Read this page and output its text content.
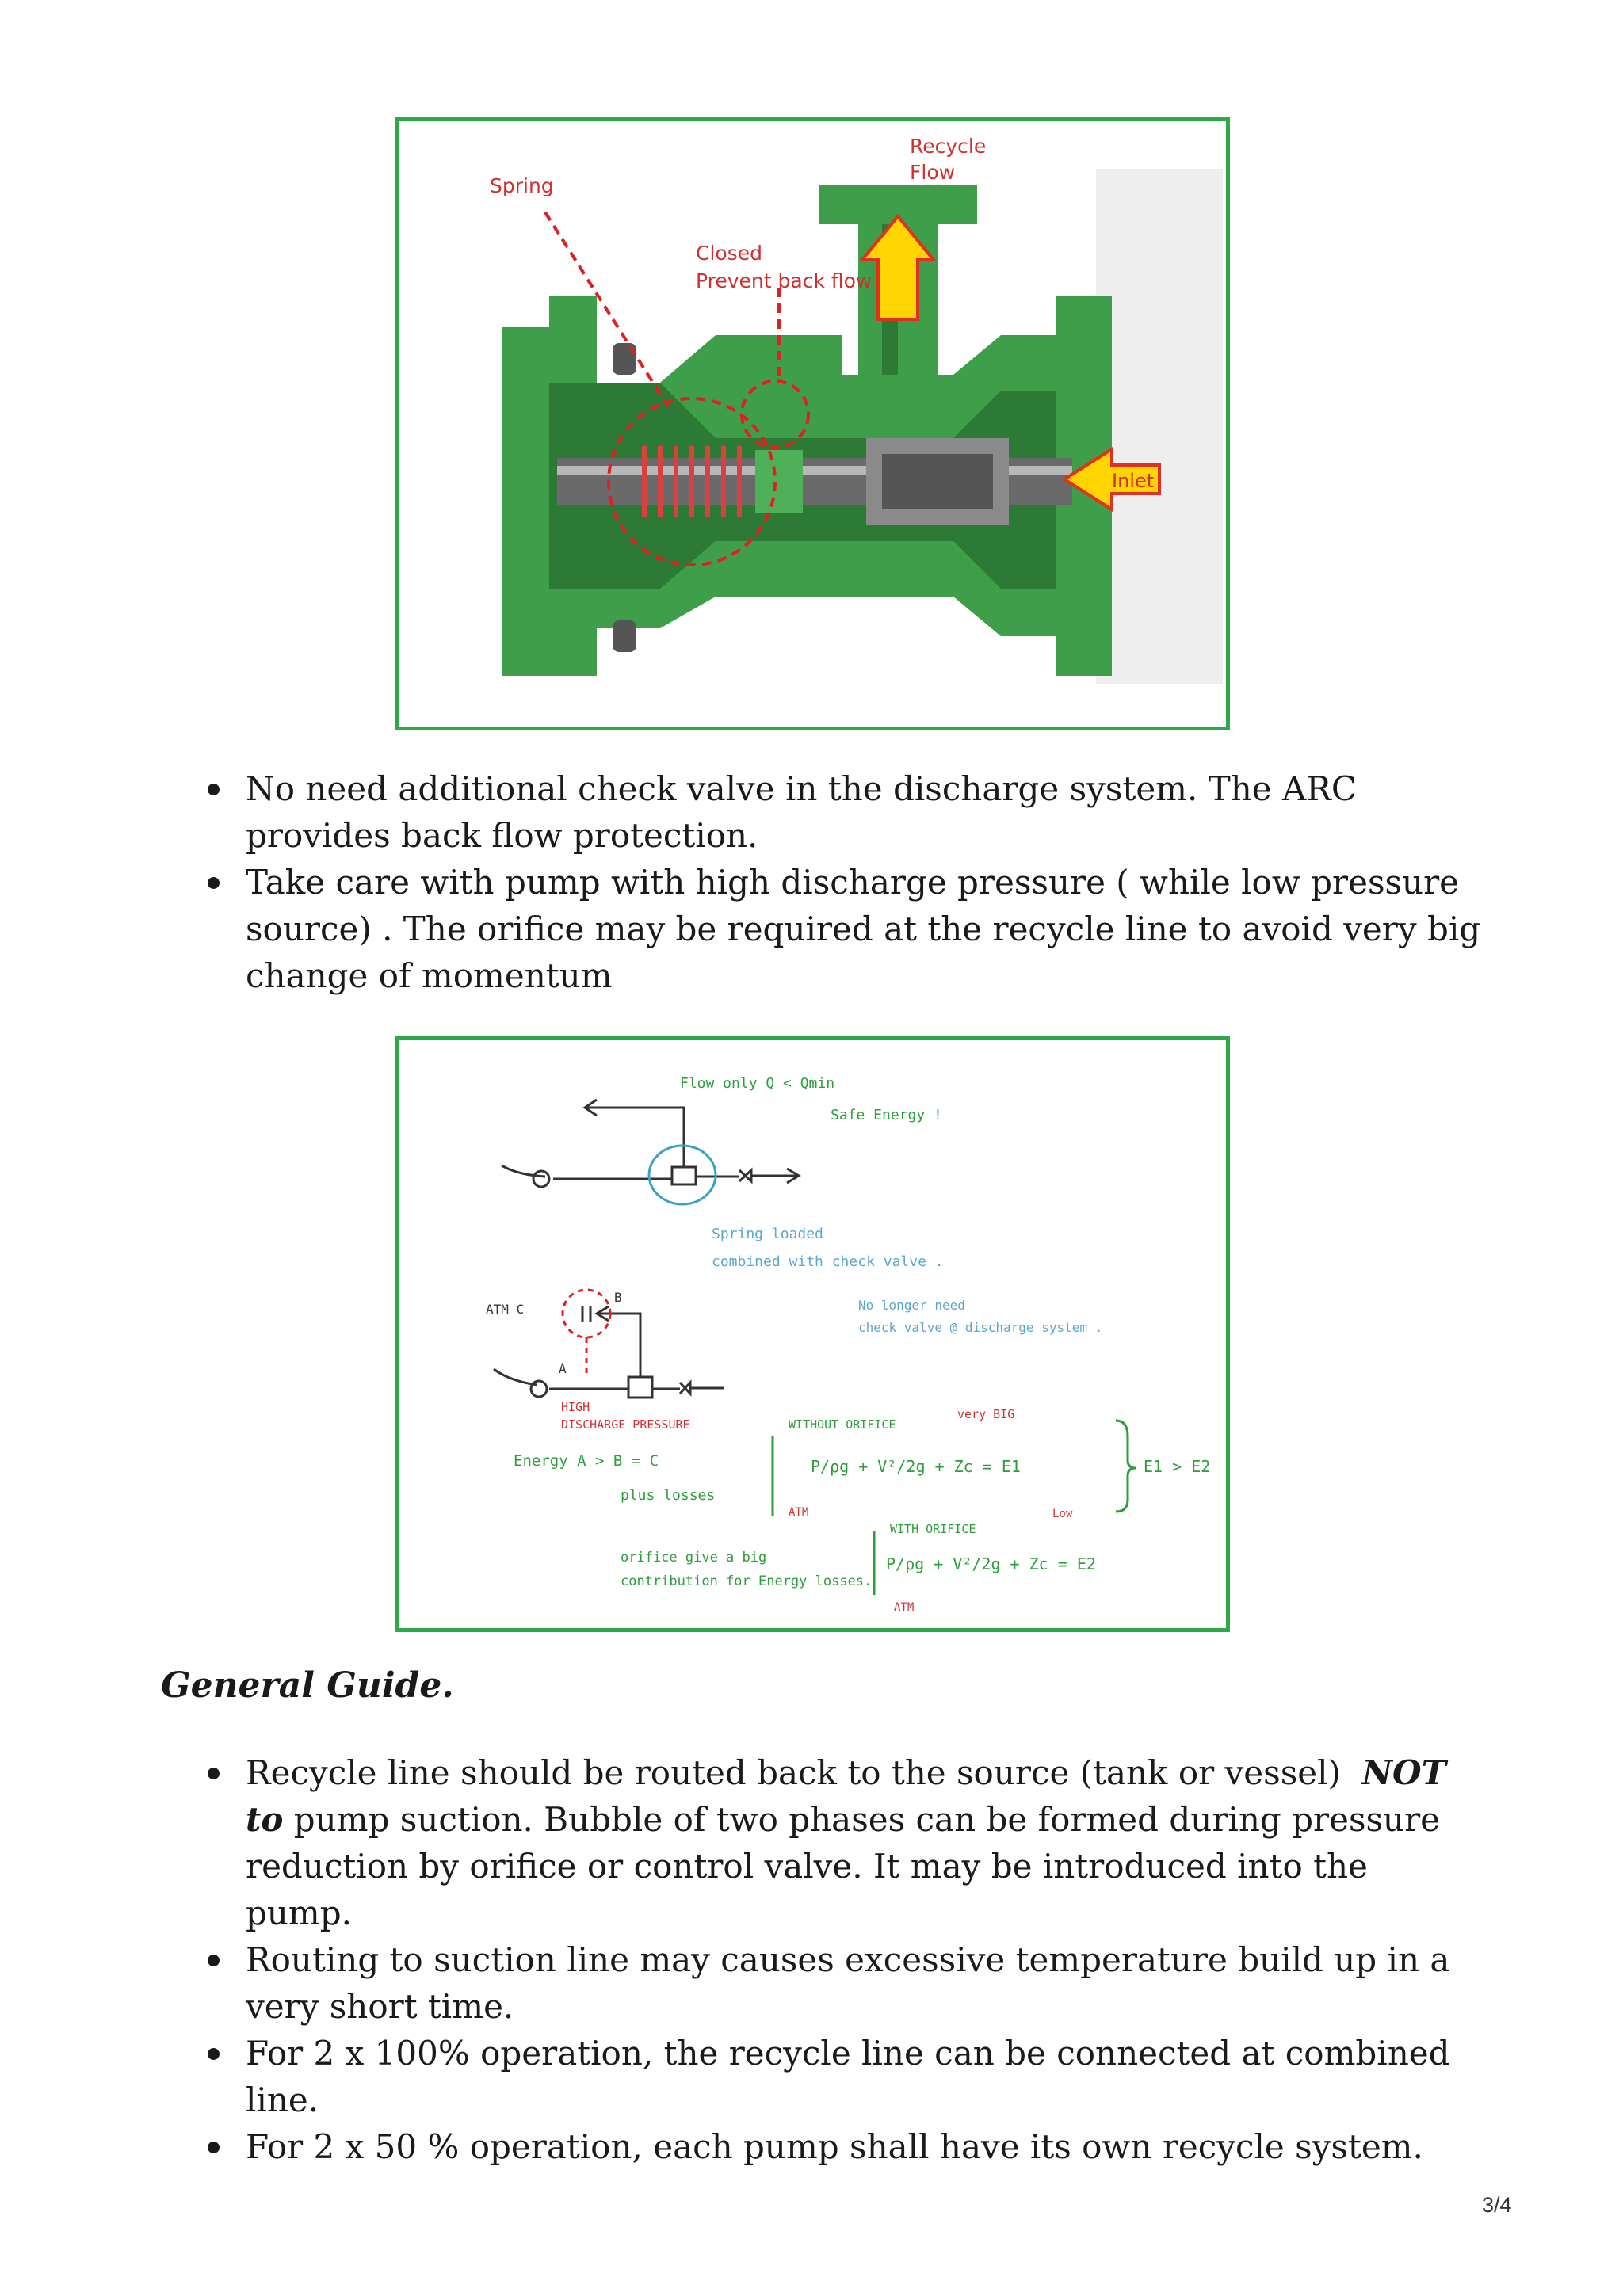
Recycle
Flow
Spring
Closed
Prevent back flow
Inlet
No need additional check valve in the discharge system. The ARC provides back flow protection.
Take care with pump with high discharge pressure ( while low pressure source) . The orifice may be required at the recycle line to avoid very big change of momentum
Flow only Q < Qmin
Safe Energy !
Spring loaded
combined with check valve .
No longer need
check valve @ discharge system .
ATM C
B
A
HIGH
DISCHARGE PRESSURE
Energy A > B = C
plus losses
orifice give a big
contribution for Energy losses.
WITHOUT ORIFICE
very BIG
ATM
P/ρg + V²/2g + Zc = E1
WITH ORIFICE
Low
P/ρg + V²/2g + Zc = E2
ATM
E1 > E2
General Guide.
Recycle line should be routed back to the source (tank or vessel) NOT to pump suction. Bubble of two phases can be formed during pressure reduction by orifice or control valve. It may be introduced into the pump.
Routing to suction line may causes excessive temperature build up in a very short time.
For 2 x 100% operation, the recycle line can be connected at combined line.
For 2 x 50 % operation, each pump shall have its own recycle system.
3/4
